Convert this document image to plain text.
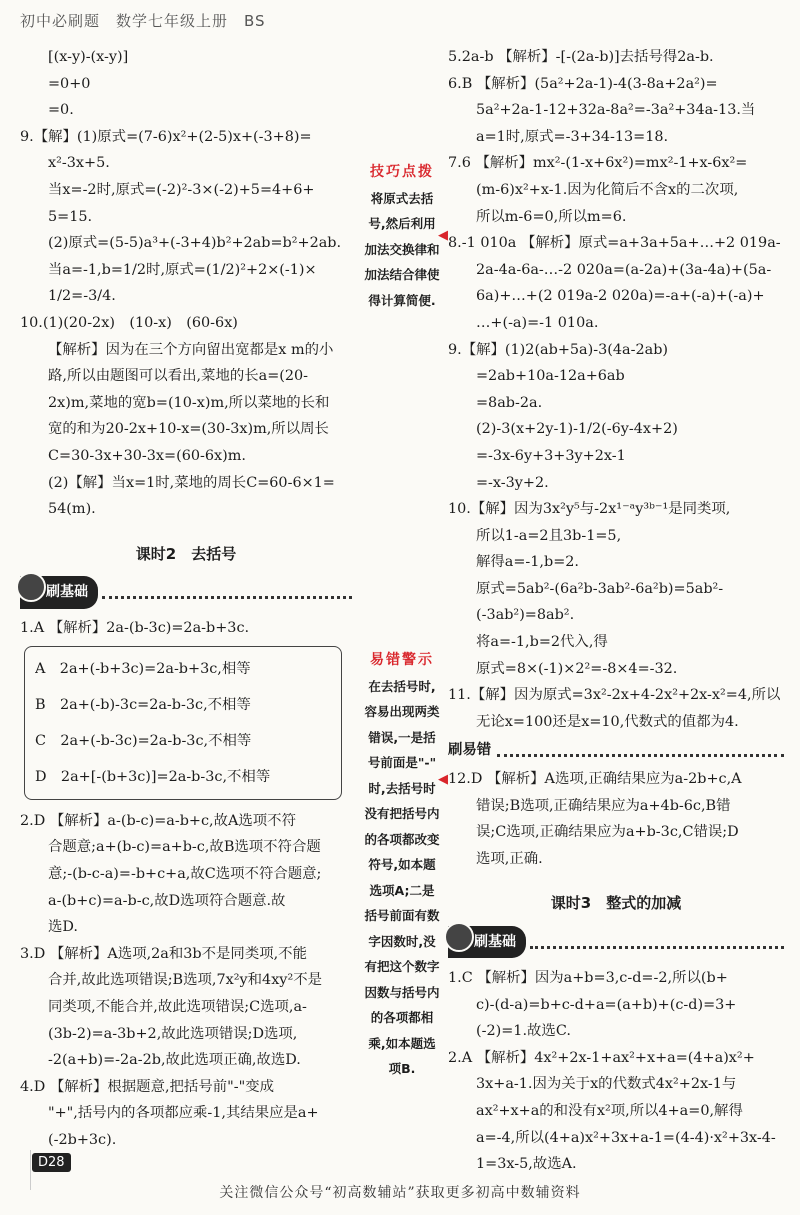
初中必刷题　数学七年级上册　BS
[(x-y)-(x-y)]
=0+0
=0.
9.【解】(1)原式=(7-6)x²+(2-5)x+(-3+8)=
x²-3x+5.
当x=-2时,原式=(-2)²-3×(-2)+5=4+6+
5=15.
(2)原式=(5-5)a³+(-3+4)b²+2ab=b²+2ab.
当a=-1,b=1/2时,原式=(1/2)²+2×(-1)×
1/2=-3/4.
10.(1)(20-2x)　(10-x)　(60-6x)
【解析】因为在三个方向留出宽都是x m的小
路,所以由题图可以看出,菜地的长a=(20-
2x)m,菜地的宽b=(10-x)m,所以菜地的长和
宽的和为20-2x+10-x=(30-3x)m,所以周长
C=30-3x+30-3x=(60-6x)m.
(2)【解】当x=1时,菜地的周长C=60-6×1=
54(m).
课时2　去括号
刷基础
1.A 【解析】2a-(b-3c)=2a-b+3c.
A　2a+(-b+3c)=2a-b+3c,相等
B　2a+(-b)-3c=2a-b-3c,不相等
C　2a+(-b-3c)=2a-b-3c,不相等
D　2a+[-(b+3c)]=2a-b-3c,不相等
2.D 【解析】a-(b-c)=a-b+c,故A选项不符
合题意;a+(b-c)=a+b-c,故B选项不符合题
意;-(b-c-a)=-b+c+a,故C选项不符合题意;
a-(b+c)=a-b-c,故D选项符合题意.故
选D.
3.D 【解析】A选项,2a和3b不是同类项,不能
合并,故此选项错误;B选项,7x²y和4xy²不是
同类项,不能合并,故此选项错误;C选项,a-
(3b-2)=a-3b+2,故此选项错误;D选项,
-2(a+b)=-2a-2b,故此选项正确,故选D.
4.D 【解析】根据题意,把括号前"-"变成
"+",括号内的各项都应乘-1,其结果应是a+
(-2b+3c).
技巧点拨
将原式去括
号,然后利用
加法交换律和
加法结合律使
得计算简便.
◀
易错警示
在去括号时,
容易出现两类
错误,一是括
号前面是"-"
时,去括号时
没有把括号内
的各项都改变
符号,如本题
选项A;二是
括号前面有数
字因数时,没
有把这个数字
因数与括号内
的各项都相
乘,如本题选
项B.
◀
5.2a-b 【解析】-[-(2a-b)]去括号得2a-b.
6.B 【解析】(5a²+2a-1)-4(3-8a+2a²)=
5a²+2a-1-12+32a-8a²=-3a²+34a-13.当
a=1时,原式=-3+34-13=18.
7.6 【解析】mx²-(1-x+6x²)=mx²-1+x-6x²=
(m-6)x²+x-1.因为化简后不含x的二次项,
所以m-6=0,所以m=6.
8.-1 010a 【解析】原式=a+3a+5a+…+2 019a-
2a-4a-6a-…-2 020a=(a-2a)+(3a-4a)+(5a-
6a)+…+(2 019a-2 020a)=-a+(-a)+(-a)+
…+(-a)=-1 010a.
9.【解】(1)2(ab+5a)-3(4a-2ab)
=2ab+10a-12a+6ab
=8ab-2a.
(2)-3(x+2y-1)-1/2(-6y-4x+2)
=-3x-6y+3+3y+2x-1
=-x-3y+2.
10.【解】因为3x²y⁵与-2x¹⁻ᵃy³ᵇ⁻¹是同类项,
所以1-a=2且3b-1=5,
解得a=-1,b=2.
原式=5ab²-(6a²b-3ab²-6a²b)=5ab²-
(-3ab²)=8ab².
将a=-1,b=2代入,得
原式=8×(-1)×2²=-8×4=-32.
11.【解】因为原式=3x²-2x+4-2x²+2x-x²=4,所以
无论x=100还是x=10,代数式的值都为4.
刷易错
12.D 【解析】A选项,正确结果应为a-2b+c,A
错误;B选项,正确结果应为a+4b-6c,B错
误;C选项,正确结果应为a+b-3c,C错误;D
选项,正确.
课时3　整式的加减
刷基础
1.C 【解析】因为a+b=3,c-d=-2,所以(b+
c)-(d-a)=b+c-d+a=(a+b)+(c-d)=3+
(-2)=1.故选C.
2.A 【解析】4x²+2x-1+ax²+x+a=(4+a)x²+
3x+a-1.因为关于x的代数式4x²+2x-1与
ax²+x+a的和没有x²项,所以4+a=0,解得
a=-4,所以(4+a)x²+3x+a-1=(4-4)·x²+3x-4-
1=3x-5,故选A.
D28
关注微信公众号“初高数辅站”获取更多初高中数辅资料
